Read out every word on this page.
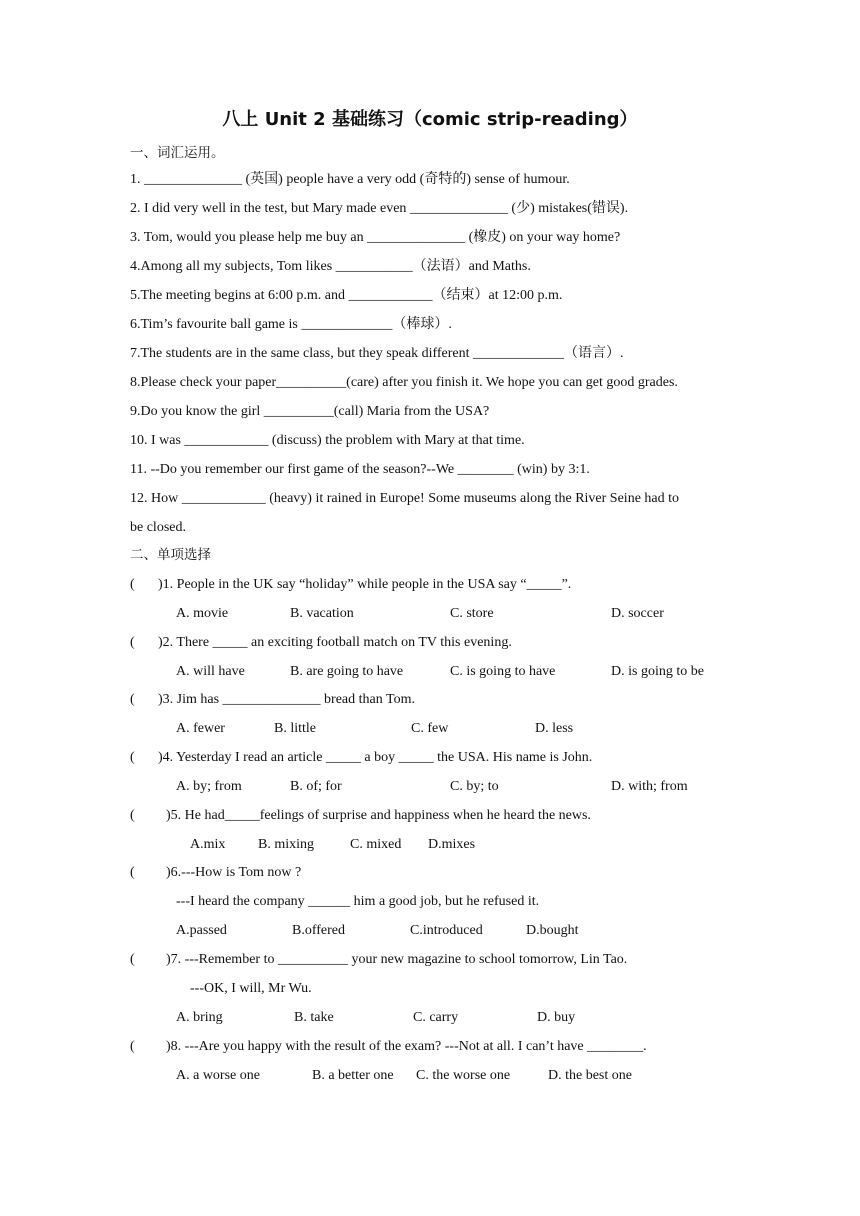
八上 Unit 2 基础练习（comic strip-reading）
一、词汇运用。
1. ______________ (英国) people have a very odd (奇特的) sense of humour.
2. I did very well in the test, but Mary made even ______________ (少) mistakes(错误).
3. Tom, would you please help me buy an ______________ (橡皮) on your way home?
4.Among all my subjects, Tom likes ___________（法语）and Maths.
5.The meeting begins at 6:00 p.m. and ____________（结束）at 12:00 p.m.
6.Tim’s favourite ball game is _____________（棒球）.
7.The students are in the same class, but they speak different _____________（语言）.
8.Please check your paper__________(care) after you finish it. We hope you can get good grades.
9.Do you know the girl __________(call) Maria from the USA?
10. I was ____________ (discuss) the problem with Mary at that time.
11. --Do you remember our first game of the season?--We ________ (win) by 3:1.
12. How ____________ (heavy) it rained in Europe! Some museums along the River Seine had to
be closed.
二、单项选择
( )1. People in the UK say “holiday” while people in the USA say “_____”.
A. movie	B. vacation	C. store	D. soccer
( )2. There _____ an exciting football match on TV this evening.
A. will have	B. are going to have	C. is going to have	D. is going to be
( )3. Jim has ______________ bread than Tom.
A. fewer	B. little	C. few	D. less
( )4. Yesterday I read an article _____ a boy _____ the USA. His name is John.
A. by; from	B. of; for	C. by; to	D. with; from
( )5. He had_____feelings of surprise and happiness when he heard the news.
A.mix B. mixing	C. mixed D.mixes
( )6.---How is Tom now ?
---I heard the company ______ him a good job, but he refused it.
A.passed	B.offered	C.introduced	D.bought
( )7. ---Remember to __________ your new magazine to school tomorrow, Lin Tao.
---OK, I will, Mr Wu.
A. bring	B. take	C. carry	D. buy
( )8. ---Are you happy with the result of the exam? ---Not at all. I can’t have ________.
A. a worse one	B. a better one C. the worse one	D. the best one
